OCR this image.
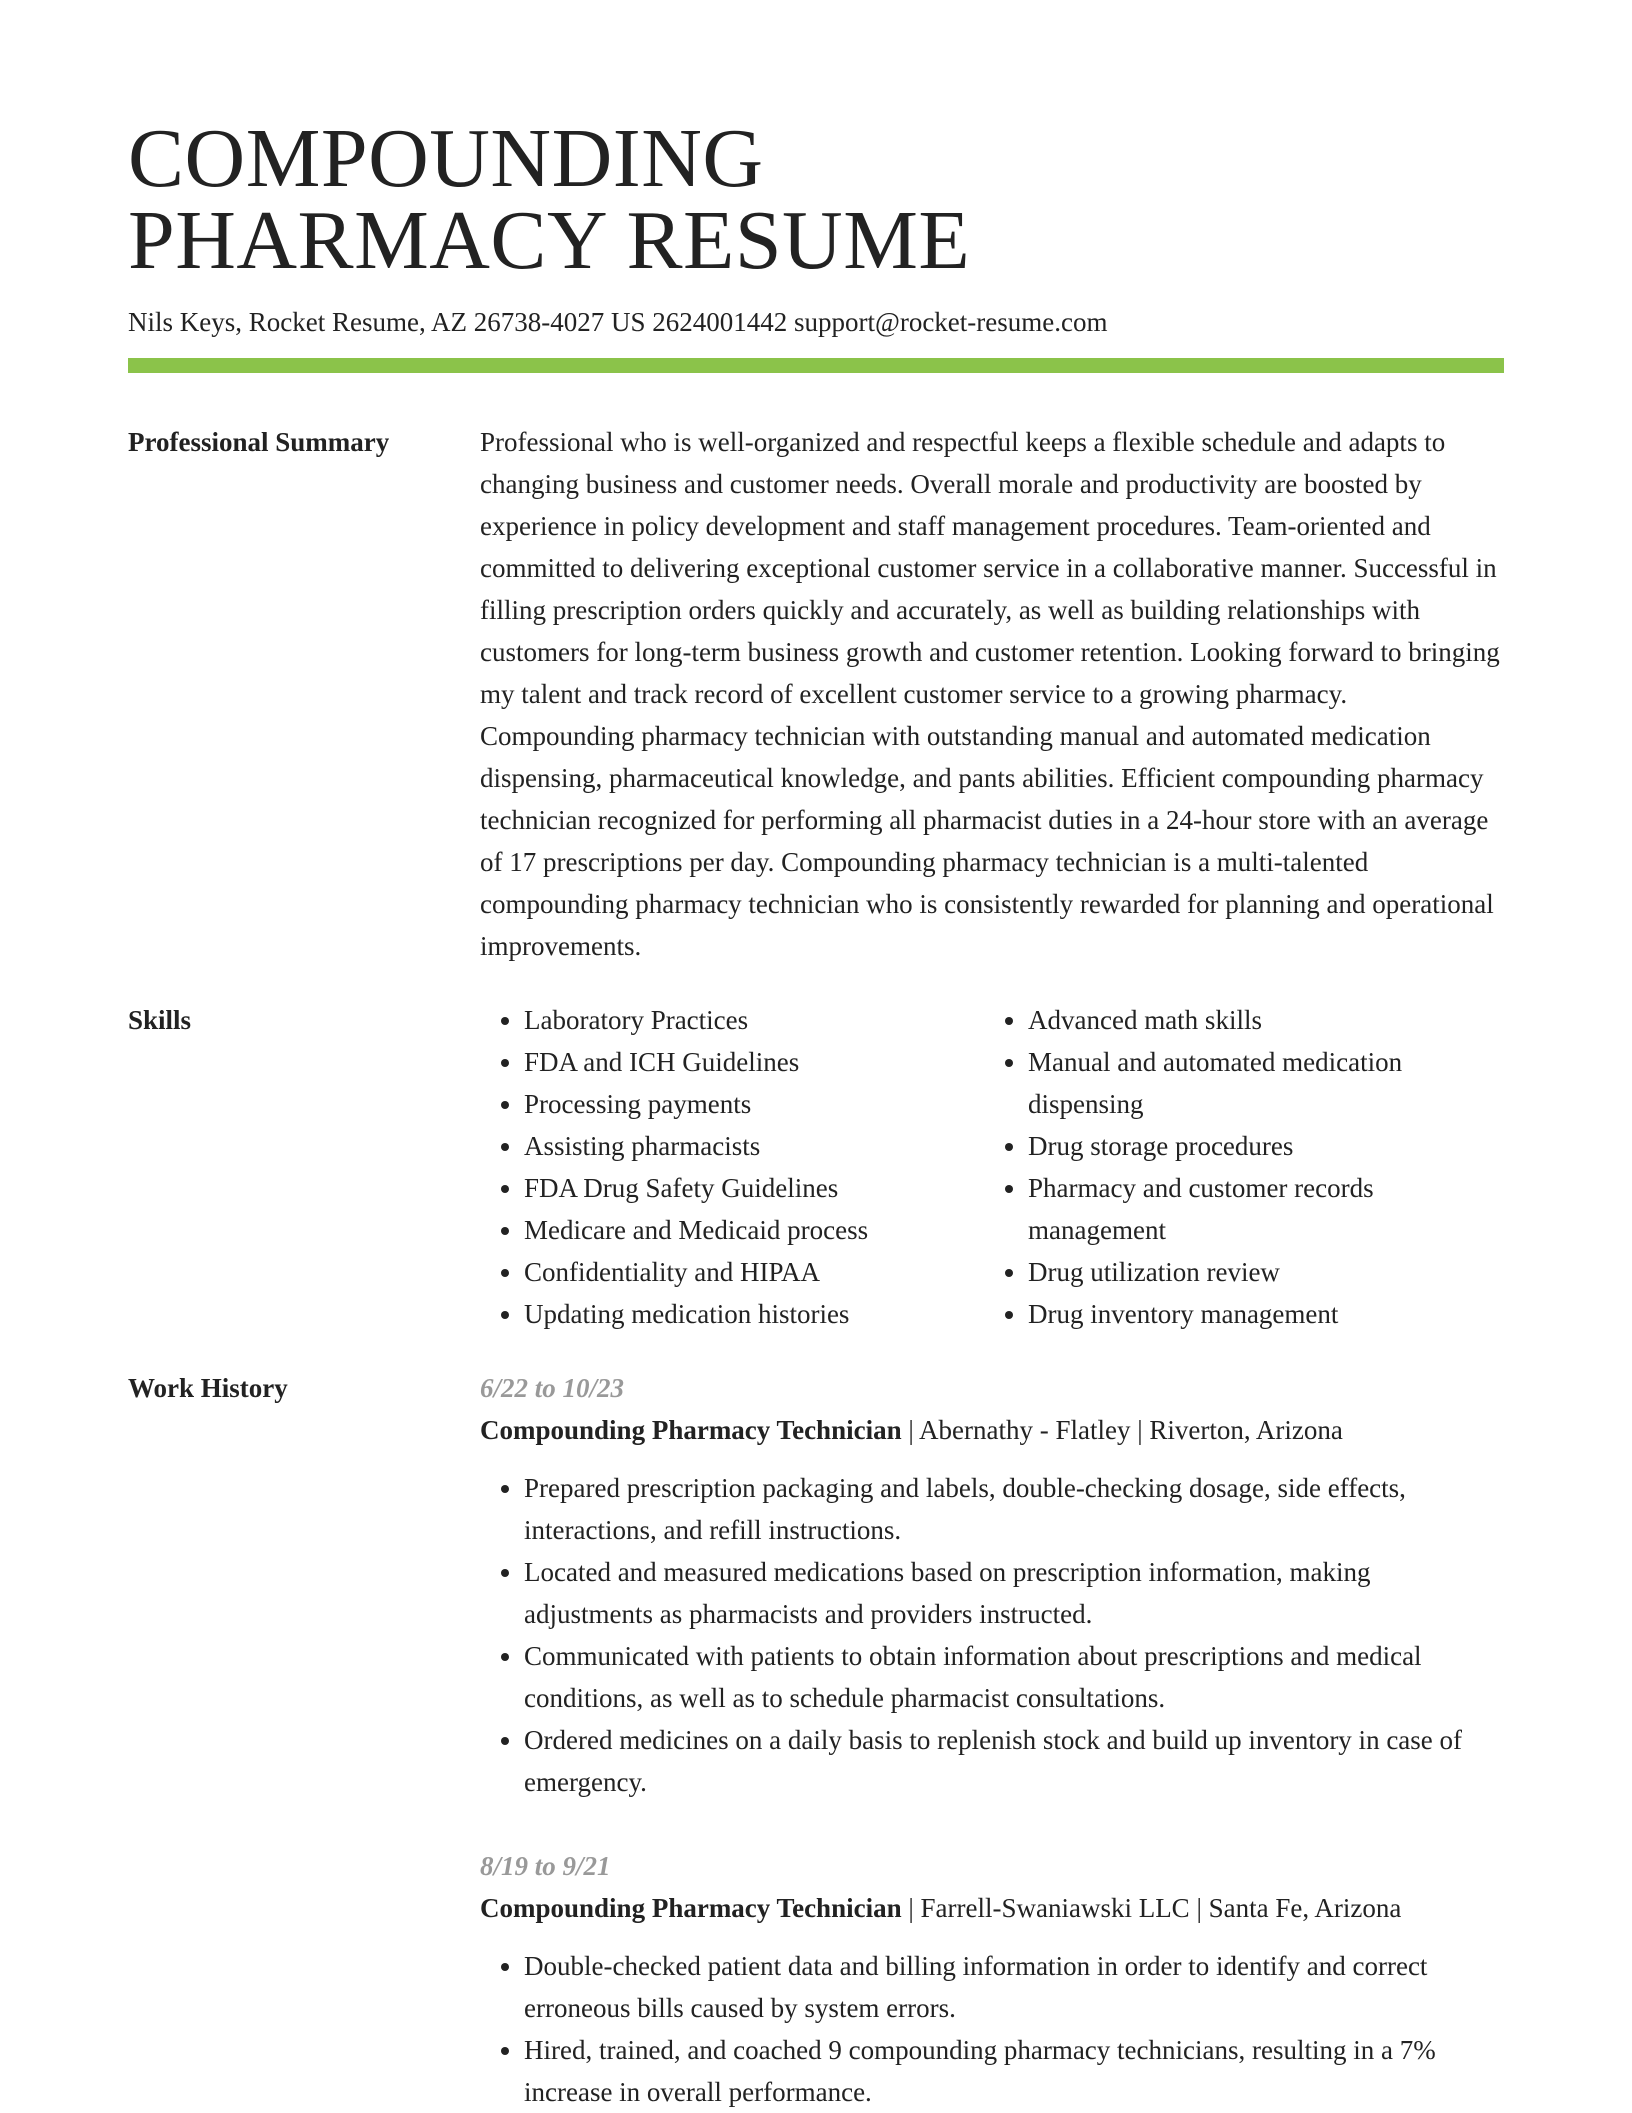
COMPOUNDING
PHARMACY RESUME
Nils Keys, Rocket Resume, AZ 26738-4027 US 2624001442 support@rocket-resume.com
Professional Summary	Professional who is well-organized and respectful keeps a flexible schedule and adapts to changing business and customer needs. Overall morale and productivity are boosted by experience in policy development and staff management procedures. Team-oriented and committed to delivering exceptional customer service in a collaborative manner. Successful in filling prescription orders quickly and accurately, as well as building relationships with customers for long-term business growth and customer retention. Looking forward to bringing my talent and track record of excellent customer service to a growing pharmacy. Compounding pharmacy technician with outstanding manual and automated medication dispensing, pharmaceutical knowledge, and pants abilities. Efficient compounding pharmacy technician recognized for performing all pharmacist duties in a 24-hour store with an average of 17 prescriptions per day. Compounding pharmacy technician is a multi-talented compounding pharmacy technician who is consistently rewarded for planning and operational improvements.
Skills
•	Laboratory Practices
• FDA and ICH Guidelines
• Processing payments
• Assisting pharmacists
• FDA Drug Safety Guidelines
• Medicare and Medicaid process
• Confidentiality and HIPAA
• Updating medication histories
• Advanced math skills
• Manual and automated medication dispensing
• Drug storage procedures
• Pharmacy and customer records management
• Drug utilization review
• Drug inventory management
Work History	6/22 to 10/23
Compounding Pharmacy Technician | Abernathy - Flatley | Riverton, Arizona
• Prepared prescription packaging and labels, double-checking dosage, side effects, interactions, and refill instructions.
• Located and measured medications based on prescription information, making adjustments as pharmacists and providers instructed.
• Communicated with patients to obtain information about prescriptions and medical conditions, as well as to schedule pharmacist consultations.
• Ordered medicines on a daily basis to replenish stock and build up inventory in case of emergency.
8/19 to 9/21
Compounding Pharmacy Technician | Farrell-Swaniawski LLC | Santa Fe, Arizona
• Double-checked patient data and billing information in order to identify and correct erroneous bills caused by system errors.
• Hired, trained, and coached 9 compounding pharmacy technicians, resulting in a 7% increase in overall performance.
